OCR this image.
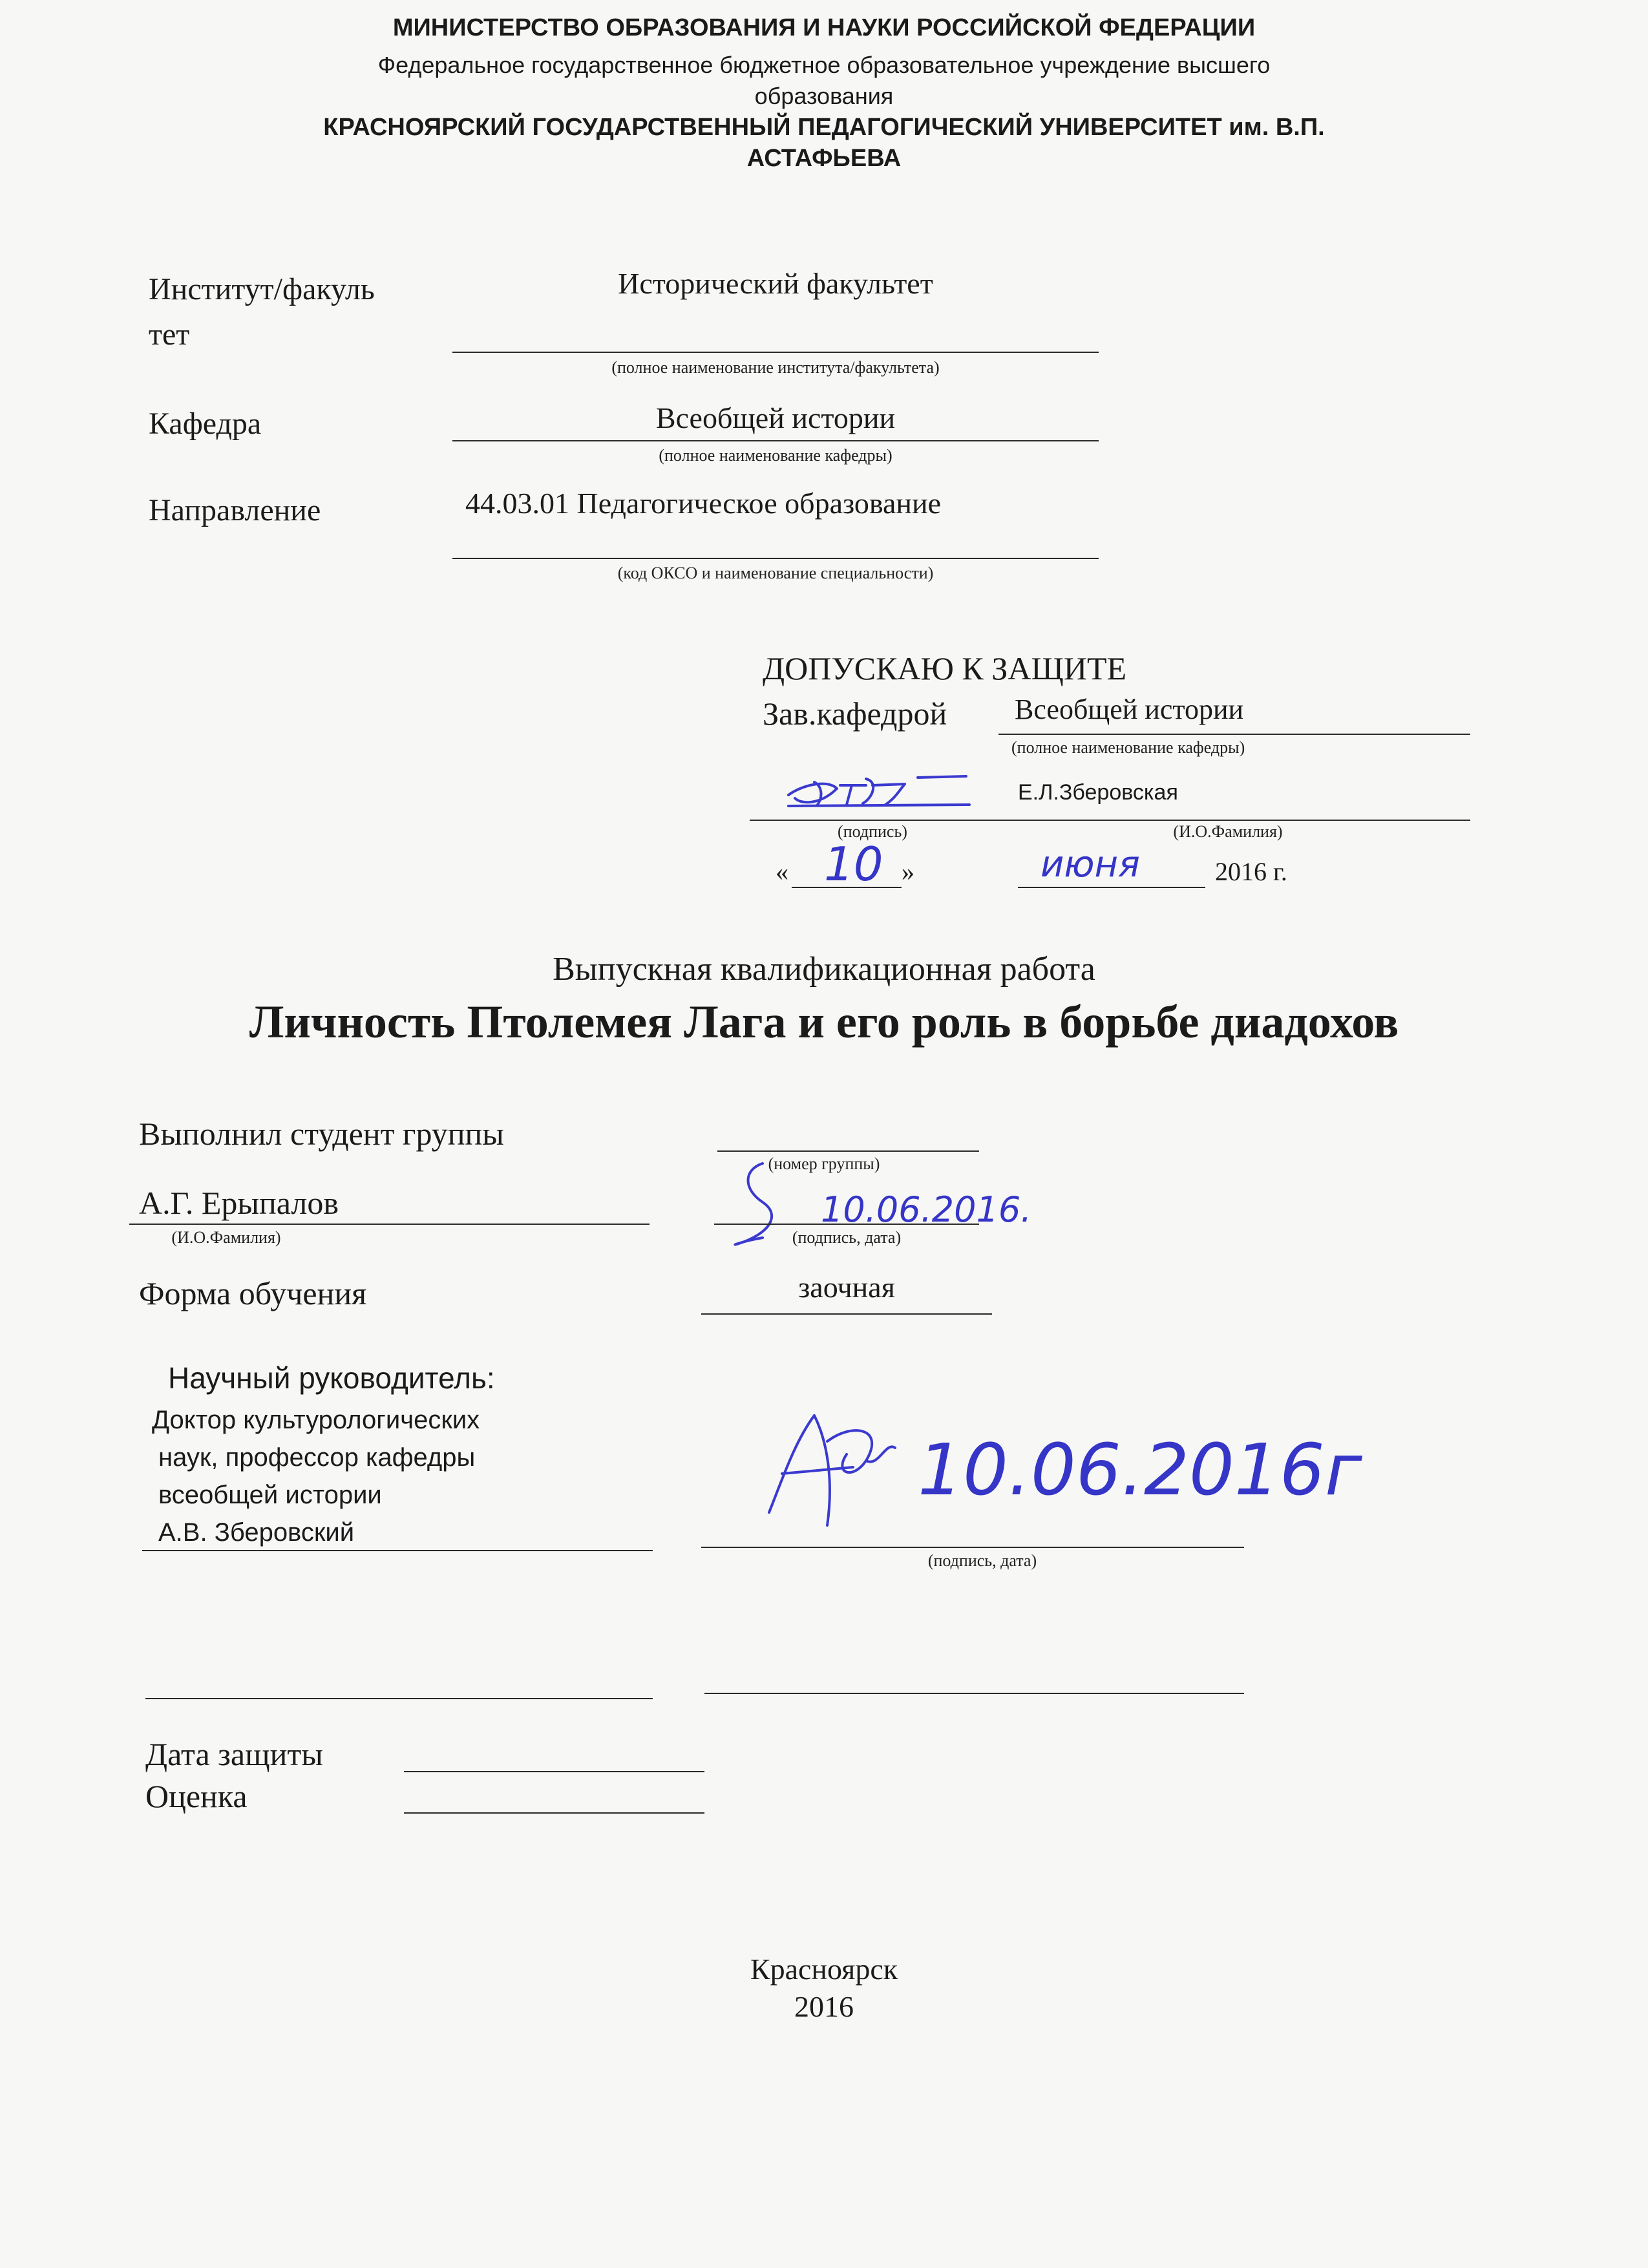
МИНИСТЕРСТВО ОБРАЗОВАНИЯ И НАУКИ РОССИЙСКОЙ ФЕДЕРАЦИИ
Федеральное государственное бюджетное образовательное учреждение высшего
образования
КРАСНОЯРСКИЙ ГОСУДАРСТВЕННЫЙ ПЕДАГОГИЧЕСКИЙ УНИВЕРСИТЕТ им. В.П.
АСТАФЬЕВА
Институт/факуль
тет
Исторический факультет
(полное наименование института/факультета)
Кафедра	Всеобщей истории
(полное наименование кафедры)
Направление	44.03.01 Педагогическое образование
(код ОКСО и наименование специальности)
ДОПУСКАЮ К ЗАЩИТЕ
Зав.кафедрой Всеобщей истории
(полное наименование кафедры)
Е.Л.Зберовская
(подпись)	(И.О.Фамилия)
« 10 »	июня	2016 г.
Выпускная квалификационная работа
Личность Птолемея Лага и его роль в борьбе диадохов
Выполнил студент группы
(номер группы)
А.Г. Ерыпалов
(И.О.Фамилия)
10.06.2016.
(подпись, дата)
Форма обучения	заочная
Научный руководитель:
Доктор культурологических
наук, профессор кафедры
всеобщей истории
А.В. Зберовский
10.06.2016г
(подпись, дата)
Дата защиты
Оценка
Красноярск
2016
